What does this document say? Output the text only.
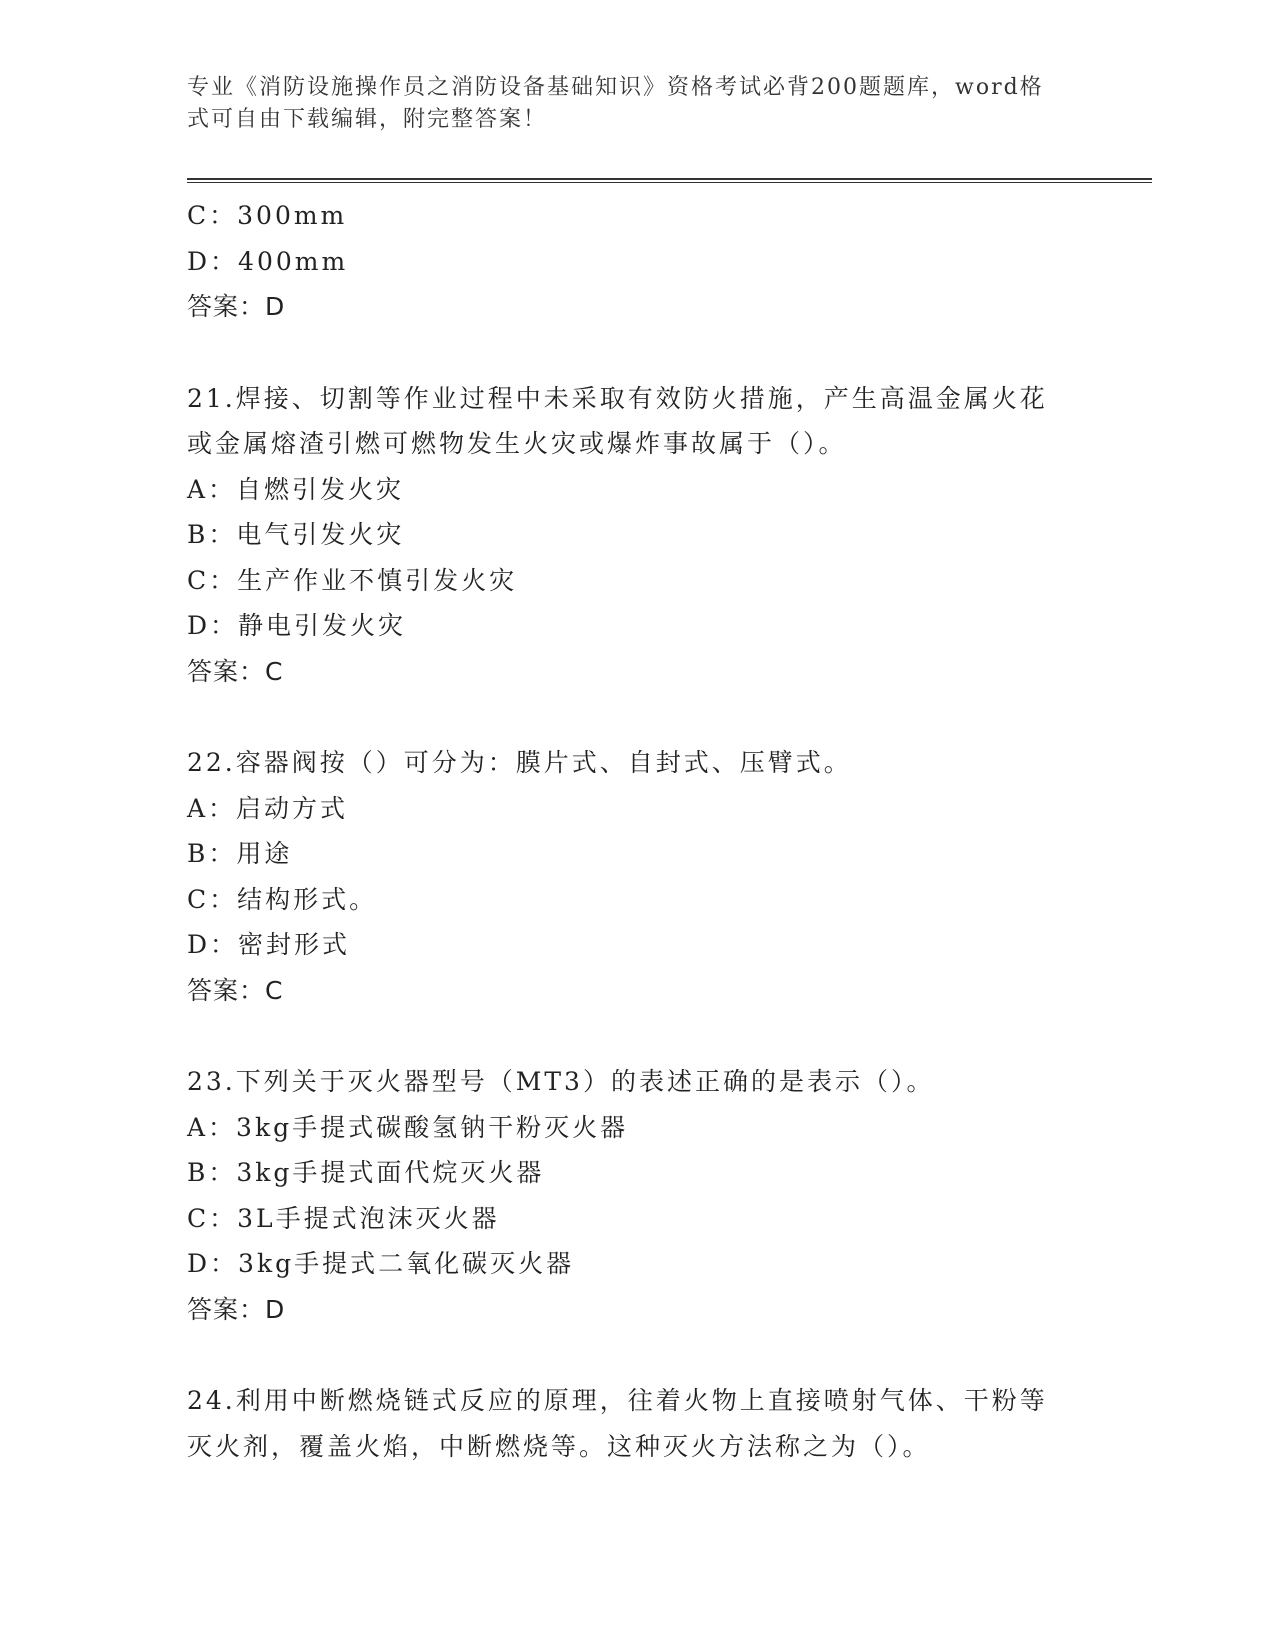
专业《消防设施操作员之消防设备基础知识》资格考试必背200题题库，word格
式可自由下载编辑，附完整答案！
C：300mm
D：400mm
答案：D
21.焊接、切割等作业过程中未采取有效防火措施，产生高温金属火花
或金属熔渣引燃可燃物发生火灾或爆炸事故属于（）。
A：自燃引发火灾
B：电气引发火灾
C：生产作业不慎引发火灾
D：静电引发火灾
答案：C
22.容器阀按（）可分为：膜片式、自封式、压臂式。
A：启动方式
B：用途
C：结构形式。
D：密封形式
答案：C
23.下列关于灭火器型号（MT3）的表述正确的是表示（）。
A：3kg手提式碳酸氢钠干粉灭火器
B：3kg手提式面代烷灭火器
C：3L手提式泡沫灭火器
D：3kg手提式二氧化碳灭火器
答案：D
24.利用中断燃烧链式反应的原理，往着火物上直接喷射气体、干粉等
灭火剂，覆盖火焰，中断燃烧等。这种灭火方法称之为（）。
